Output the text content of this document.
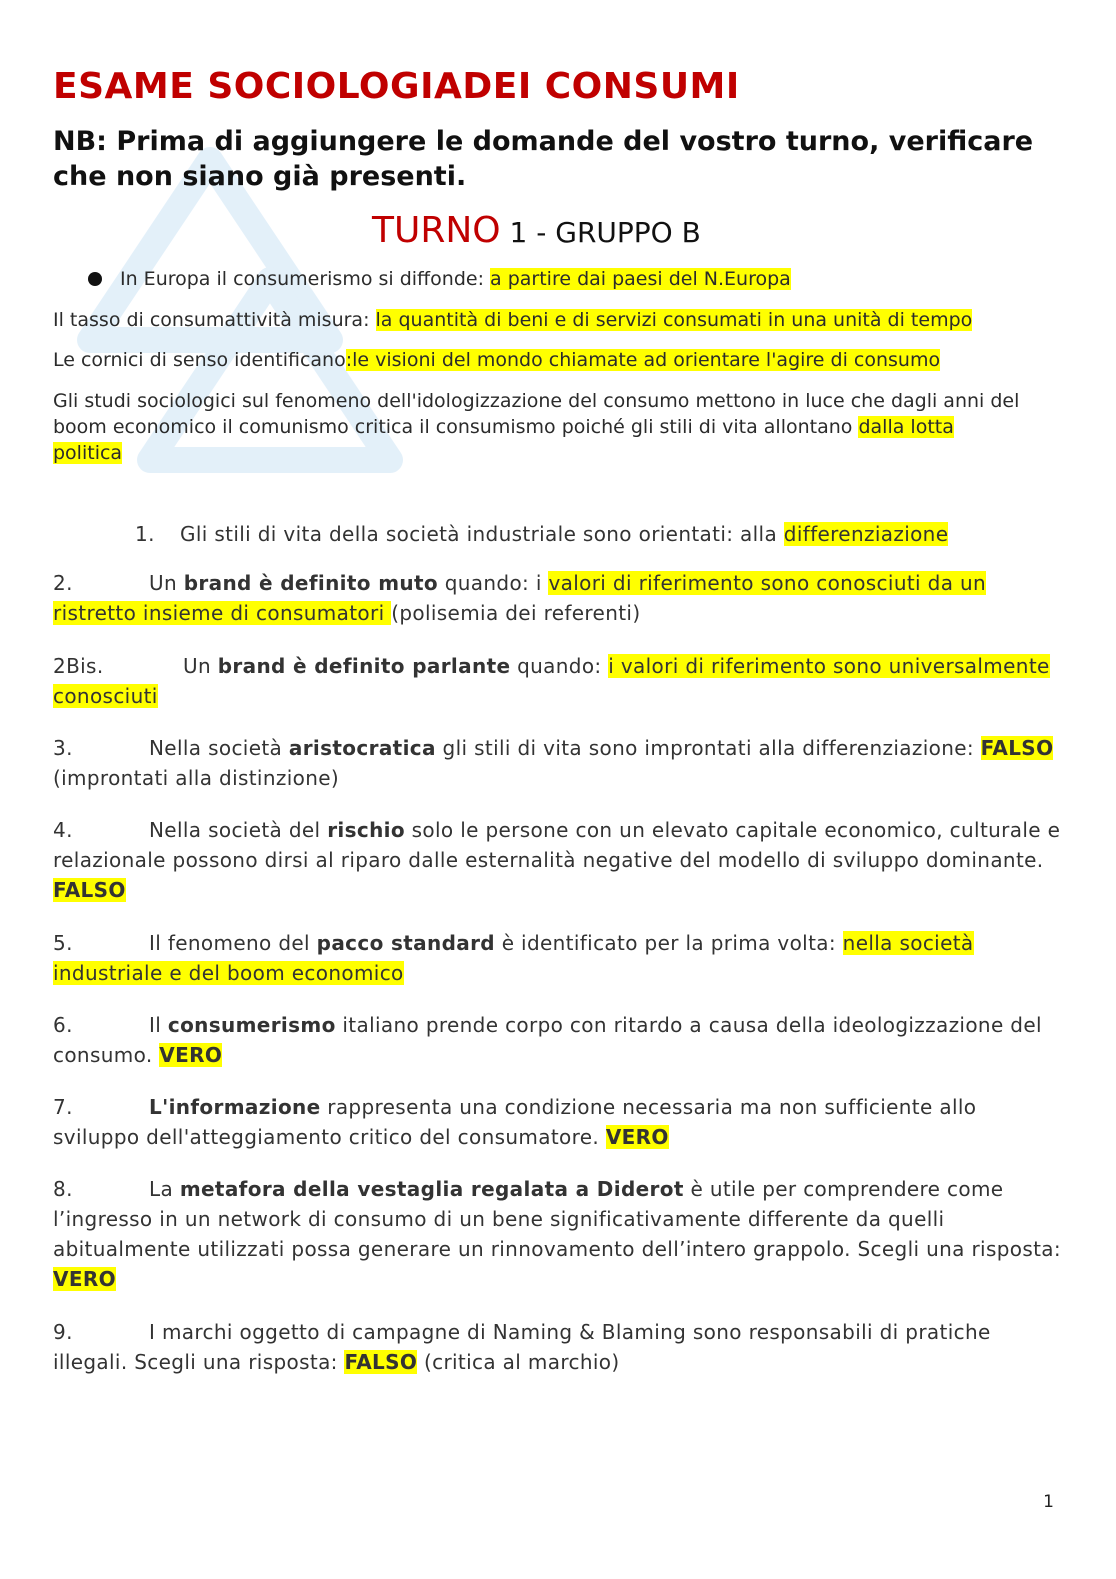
ESAME SOCIOLOGIADEI CONSUMI

NB: Prima di aggiungere le domande del vostro turno, verificare che non siano già presenti.

TURNO 1 - GRUPPO B

In Europa il consumerismo si diffonde: a partire dai paesi del N.Europa

Il tasso di consumattività misura: la quantità di beni e di servizi consumati in una unità di tempo

Le cornici di senso identificano:le visioni del mondo chiamate ad orientare l'agire di consumo

Gli studi sociologici sul fenomeno dell'idologizzazione del consumo mettono in luce che dagli anni del boom economico il comunismo critica il consumismo poiché gli stili di vita allontano dalla lotta politica

1. Gli stili di vita della società industriale sono orientati: alla differenziazione

2.	Un brand è definito muto quando: i valori di riferimento sono conosciuti da un ristretto insieme di consumatori (polisemia dei referenti)

2Bis.	Un brand è definito parlante quando: i valori di riferimento sono universalmente conosciuti

3.	Nella società aristocratica gli stili di vita sono improntati alla differenziazione: FALSO (improntati alla distinzione)

4.	Nella società del rischio solo le persone con un elevato capitale economico, culturale e relazionale possono dirsi al riparo dalle esternalità negative del modello di sviluppo dominante. FALSO

5.	Il fenomeno del pacco standard è identificato per la prima volta: nella società industriale e del boom economico

6.	Il consumerismo italiano prende corpo con ritardo a causa della ideologizzazione del consumo. VERO

7.	L'informazione rappresenta una condizione necessaria ma non sufficiente allo sviluppo dell'atteggiamento critico del consumatore. VERO

8.	La metafora della vestaglia regalata a Diderot è utile per comprendere come l’ingresso in un network di consumo di un bene significativamente differente da quelli abitualmente utilizzati possa generare un rinnovamento dell’intero grappolo. Scegli una risposta: VERO

9.	I marchi oggetto di campagne di Naming & Blaming sono responsabili di pratiche illegali. Scegli una risposta: FALSO (critica al marchio)

1
